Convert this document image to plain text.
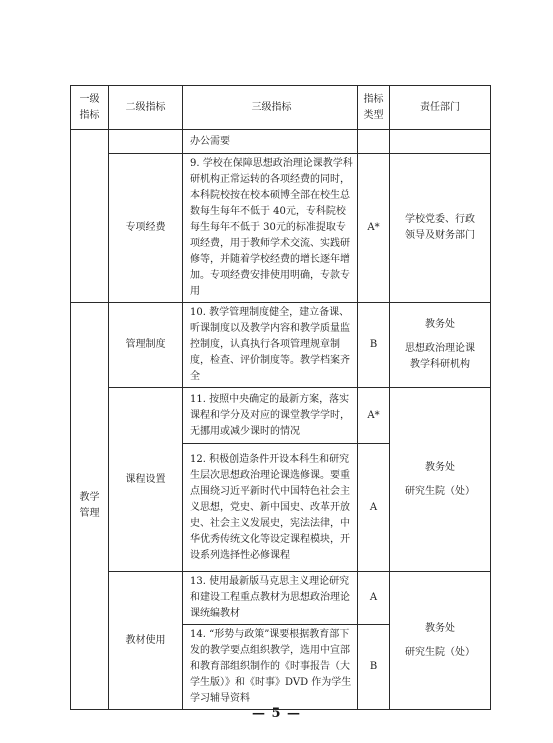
一级
指标	二级指标	三级指标	指标
类型	责任部门
		办公需要		
	专项经费	9. 学校在保障思想政治理论课教学科研机构正常运转的各项经费的同时，本科院校按在校本硕博全部在校生总数每生每年不低于 40元，专科院校每生每年不低于 30元的标准提取专项经费，用于教师学术交流、实践研修等，并随着学校经费的增长逐年增加。专项经费安排使用明确，专款专用	A*	学校党委、行政
领导及财务部门

教学
管理	管理制度	10. 教学管理制度健全，建立备课、听课制度以及教学内容和教学质量监控制度，认真执行各项管理规章制度，检查、评价制度等。教学档案齐全	B	教务处
思想政治理论课
教学科研机构

	课程设置	11. 按照中央确定的最新方案，落实课程和学分及对应的课堂教学学时，无挪用或减少课时的情况	A*	教务处
研究生院（处）

		12. 积极创造条件开设本科生和研究生层次思想政治理论课选修课。要重点围绕习近平新时代中国特色社会主义思想，党史、新中国史、改革开放史、社会主义发展史，宪法法律，中华优秀传统文化等设定课程模块，开设系列选择性必修课程	A	
	教材使用	13. 使用最新版马克思主义理论研究和建设工程重点教材为思想政治理论课统编教材	A	教务处
研究生院（处）

		14. “形势与政策”课要根据教育部下发的教学要点组织教学，选用中宣部和教育部组织制作的《时事报告（大学生版）》和《时事》DVD 作为学生学习辅导资料	B	
— 5 —
